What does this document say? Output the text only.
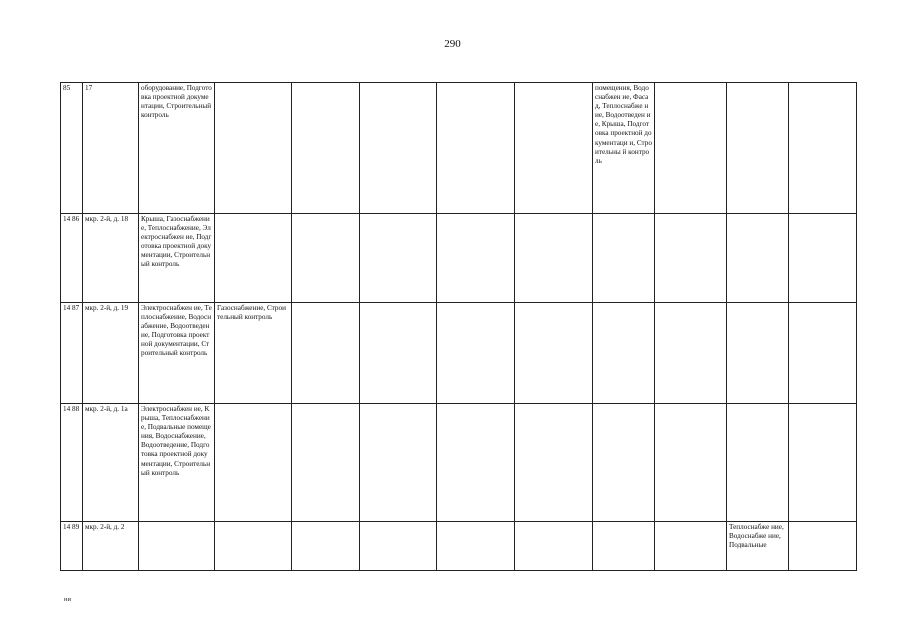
290
85	17	оборудование, Подготовка проектной документации, Строительный контроль						помещения, Водоснабжен ие, Фасад, Теплоснабже ние, Водоотведен ие, Крыша, Подготовка проектной документаци и, Строительны й контроль			
14 86	мкр. 2-й, д. 18	Крыша, Газоснабжение, Теплоснабжение, Электроснабжен ие, Подготовка проектной документации, Строительный контроль									
14 87	мкр. 2-й, д. 19	Электроснабжен ие, Теплоснабжение, Водоснабжение, Водоотведение, Подготовка проектной документации, Строительный контроль	Газоснабжение, Строительный контроль								
14 88	мкр. 2-й, д. 1а	Электроснабжен ие, Крыша, Теплоснабжение, Подвальные помещения, Водоснабжение, Водоотведение, Подготовка проектной документации, Строительный контроль									
14 89	мкр. 2-й, д. 2									Теплоснабже ние, Водоснабже ние, Подвальные	
ни
